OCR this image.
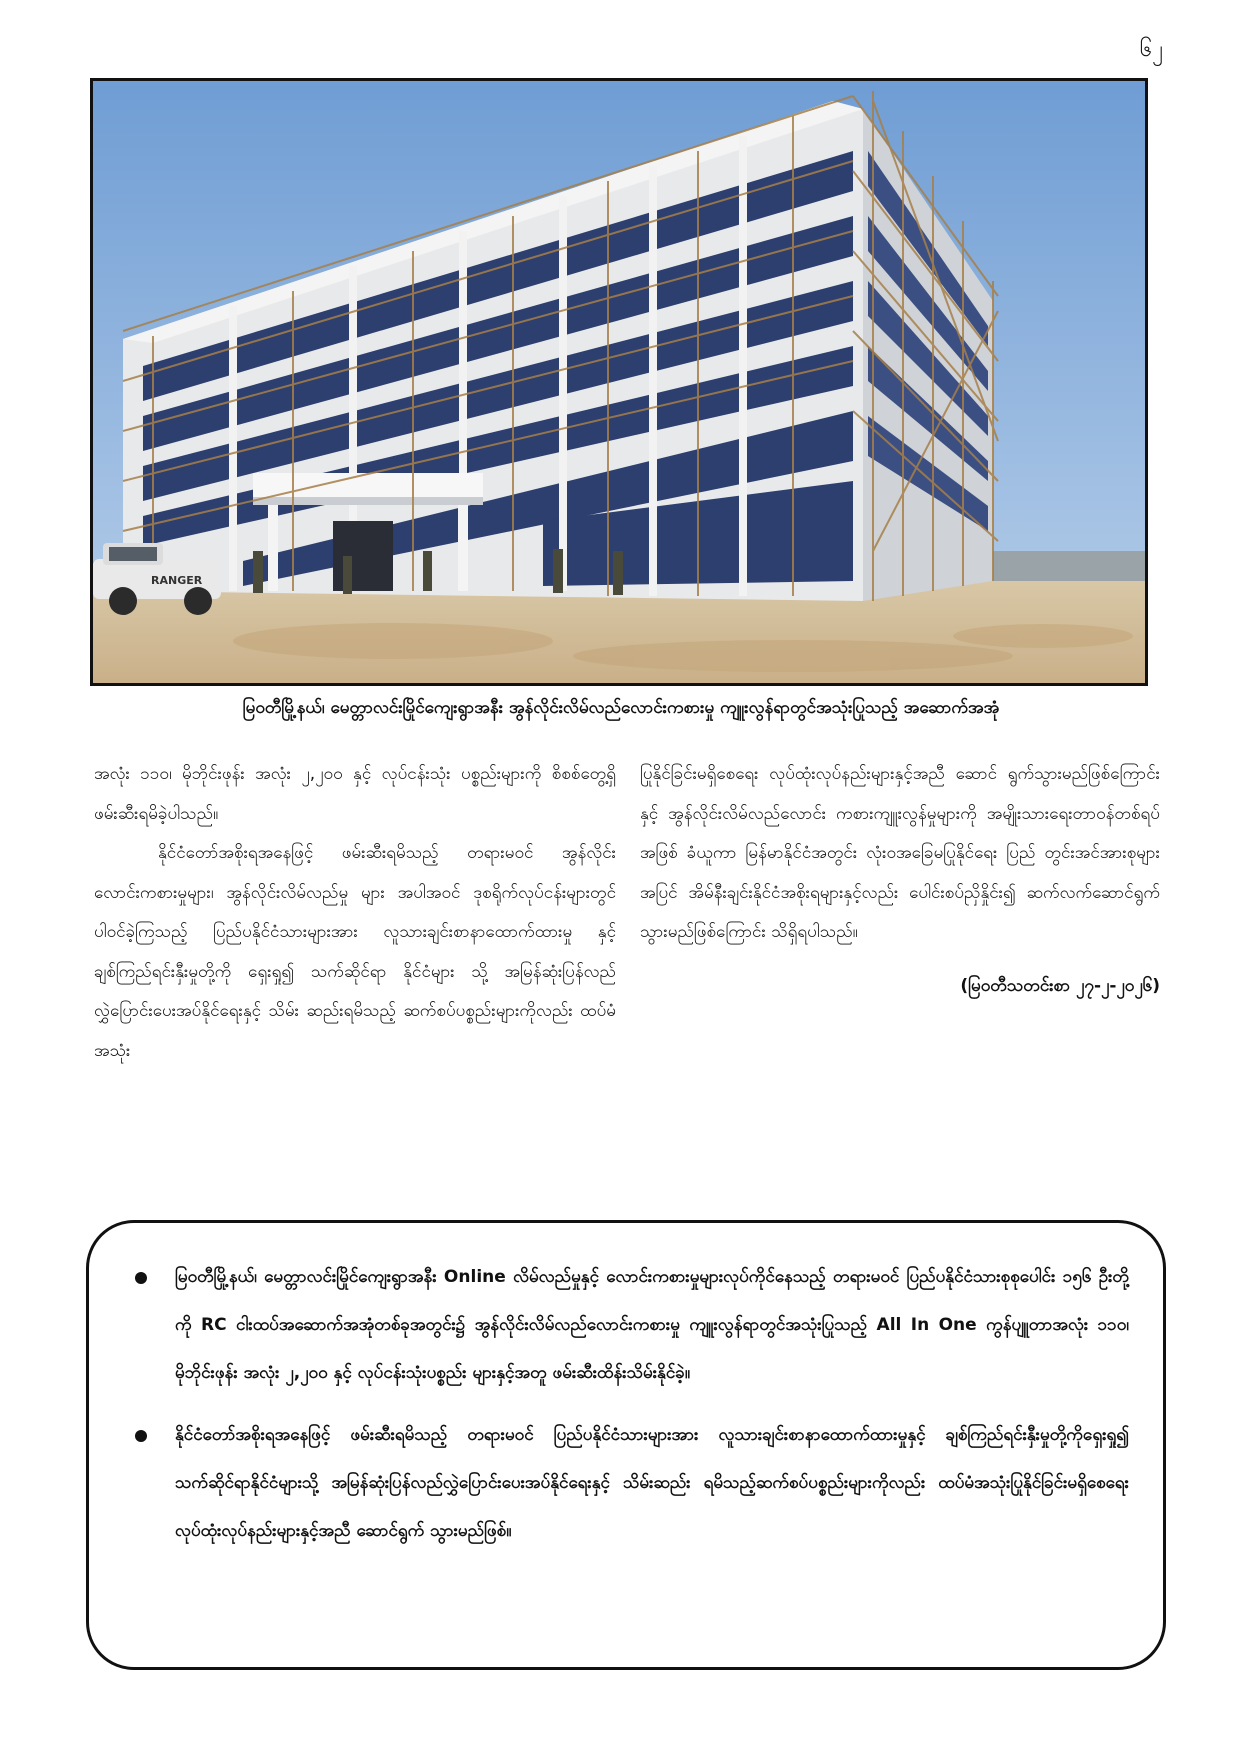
၆၂
RANGER
မြဝတီမြို့နယ်၊ မေတ္တာလင်းမြိုင်ကျေးရွာအနီး အွန်လိုင်းလိမ်လည်လောင်းကစားမှု ကျူးလွန်ရာတွင်အသုံးပြုသည့် အဆောက်အအုံ

အလုံး ၁၁၀၊ မိုဘိုင်းဖုန်း အလုံး ၂,၂၀၀ နှင့် လုပ်ငန်းသုံး ပစ္စည်းများကို စိစစ်တွေ့ရှိဖမ်းဆီးရမိခဲ့ပါသည်။

နိုင်ငံတော်အစိုးရအနေဖြင့် ဖမ်းဆီးရမိသည့် တရားမဝင် အွန်လိုင်းလောင်းကစားမှုများ၊ အွန်လိုင်းလိမ်လည်မှု များ အပါအဝင် ဒုစရိုက်လုပ်ငန်းများတွင် ပါဝင်ခဲ့ကြသည့် ပြည်ပနိုင်ငံသားများအား လူသားချင်းစာနာထောက်ထားမှု နှင့် ချစ်ကြည်ရင်းနှီးမှုတို့ကို ရှေးရှု၍ သက်ဆိုင်ရာ နိုင်ငံများ သို့ အမြန်ဆုံးပြန်လည်လွှဲပြောင်းပေးအပ်နိုင်ရေးနှင့် သိမ်း ဆည်းရမိသည့် ဆက်စပ်ပစ္စည်းများကိုလည်း ထပ်မံအသုံး

ပြုနိုင်ခြင်းမရှိစေရေး လုပ်ထုံးလုပ်နည်းများနှင့်အညီ ဆောင် ရွက်သွားမည်ဖြစ်ကြောင်းနှင့် အွန်လိုင်းလိမ်လည်လောင်း ကစားကျူးလွန်မှုများကို အမျိုးသားရေးတာဝန်တစ်ရပ်အဖြစ် ခံယူကာ မြန်မာနိုင်ငံအတွင်း လုံးဝအခြေမပြုနိုင်ရေး ပြည် တွင်းအင်အားစုများအပြင် အိမ်နီးချင်းနိုင်ငံအစိုးရများနှင့်လည်း ပေါင်းစပ်ညှိနှိုင်း၍ ဆက်လက်ဆောင်ရွက်သွားမည်ဖြစ်ကြောင်း သိရှိရပါသည်။

(မြဝတီသတင်းစာ ၂၇-၂-၂၀၂၆)

မြဝတီမြို့နယ်၊ မေတ္တာလင်းမြိုင်ကျေးရွာအနီး Online လိမ်လည်မှုနှင့် လောင်းကစားမှုများလုပ်ကိုင်နေသည့် တရားမဝင် ပြည်ပနိုင်ငံသားစုစုပေါင်း ၁၅၆ ဦးတို့ကို RC ငါးထပ်အဆောက်အအုံတစ်ခုအတွင်း၌ အွန်လိုင်းလိမ်လည်လောင်းကစားမှု ကျူးလွန်ရာတွင်အသုံးပြုသည့် All In One ကွန်ပျူတာအလုံး ၁၁၀၊ မိုဘိုင်းဖုန်း အလုံး ၂,၂၀၀ နှင့် လုပ်ငန်းသုံးပစ္စည်း များနှင့်အတူ ဖမ်းဆီးထိန်းသိမ်းနိုင်ခဲ့။
နိုင်ငံတော်အစိုးရအနေဖြင့် ဖမ်းဆီးရမိသည့် တရားမဝင် ပြည်ပနိုင်ငံသားများအား လူသားချင်းစာနာထောက်ထားမှုနှင့် ချစ်ကြည်ရင်းနှီးမှုတို့ကိုရှေးရှု၍ သက်ဆိုင်ရာနိုင်ငံများသို့ အမြန်ဆုံးပြန်လည်လွှဲပြောင်းပေးအပ်နိုင်ရေးနှင့် သိမ်းဆည်း ရမိသည့်ဆက်စပ်ပစ္စည်းများကိုလည်း ထပ်မံအသုံးပြုနိုင်ခြင်းမရှိစေရေး လုပ်ထုံးလုပ်နည်းများနှင့်အညီ ဆောင်ရွက် သွားမည်ဖြစ်။
